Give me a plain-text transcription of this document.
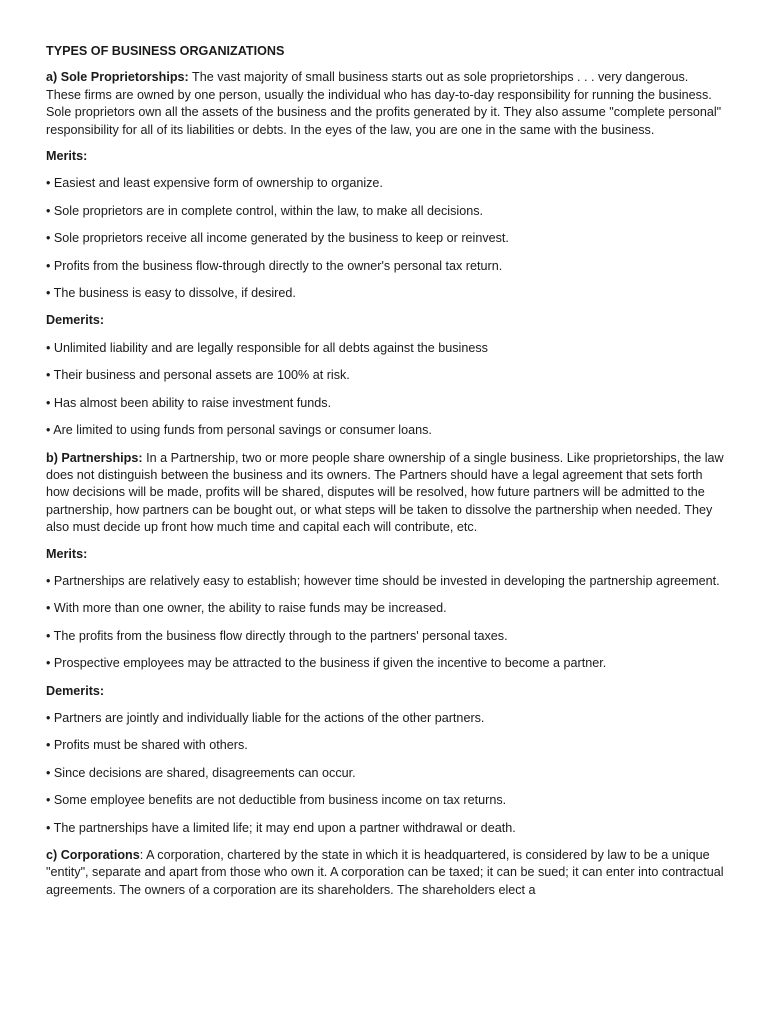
TYPES OF BUSINESS ORGANIZATIONS

a) Sole Proprietorships: The vast majority of small business starts out as sole proprietorships . . . very dangerous. These firms are owned by one person, usually the individual who has day-to-day responsibility for running the business. Sole proprietors own all the assets of the business and the profits generated by it. They also assume "complete personal" responsibility for all of its liabilities or debts. In the eyes of the law, you are one in the same with the business.

Merits:

• Easiest and least expensive form of ownership to organize.

• Sole proprietors are in complete control, within the law, to make all decisions.

• Sole proprietors receive all income generated by the business to keep or reinvest.

• Profits from the business flow-through directly to the owner's personal tax return.

• The business is easy to dissolve, if desired.

Demerits:

• Unlimited liability and are legally responsible for all debts against the business

• Their business and personal assets are 100% at risk.

• Has almost been ability to raise investment funds.

• Are limited to using funds from personal savings or consumer loans.

b) Partnerships: In a Partnership, two or more people share ownership of a single business. Like proprietorships, the law does not distinguish between the business and its owners. The Partners should have a legal agreement that sets forth how decisions will be made, profits will be shared, disputes will be resolved, how future partners will be admitted to the partnership, how partners can be bought out, or what steps will be taken to dissolve the partnership when needed. They also must decide up front how much time and capital each will contribute, etc.

Merits:

• Partnerships are relatively easy to establish; however time should be invested in developing the partnership agreement.

• With more than one owner, the ability to raise funds may be increased.

• The profits from the business flow directly through to the partners' personal taxes.

• Prospective employees may be attracted to the business if given the incentive to become a partner.

Demerits:

• Partners are jointly and individually liable for the actions of the other partners.

• Profits must be shared with others.

• Since decisions are shared, disagreements can occur.

• Some employee benefits are not deductible from business income on tax returns.

• The partnerships have a limited life; it may end upon a partner withdrawal or death.

c) Corporations: A corporation, chartered by the state in which it is headquartered, is considered by law to be a unique "entity", separate and apart from those who own it. A corporation can be taxed; it can be sued; it can enter into contractual agreements. The owners of a corporation are its shareholders. The shareholders elect a
